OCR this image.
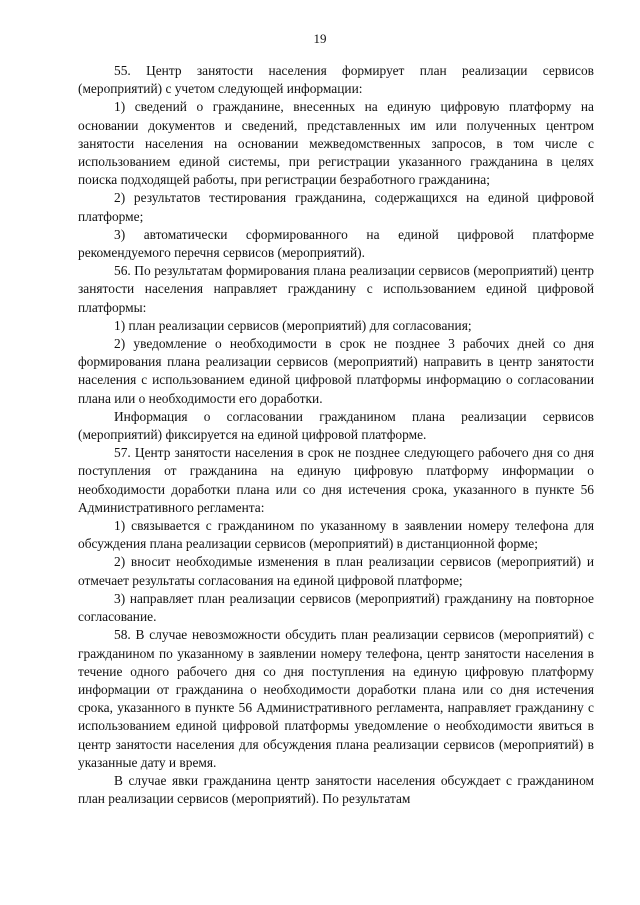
19

55. Центр занятости населения формирует план реализации сервисов (мероприятий) с учетом следующей информации:

1) сведений о гражданине, внесенных на единую цифровую платформу на основании документов и сведений, представленных им или полученных центром занятости населения на основании межведомственных запросов, в том числе с использованием единой системы, при регистрации указанного гражданина в целях поиска подходящей работы, при регистрации безработного гражданина;

2) результатов тестирования гражданина, содержащихся на единой цифровой платформе;

3) автоматически сформированного на единой цифровой платформе рекомендуемого перечня сервисов (мероприятий).

56. По результатам формирования плана реализации сервисов (мероприятий) центр занятости населения направляет гражданину с использованием единой цифровой платформы:

1) план реализации сервисов (мероприятий) для согласования;

2) уведомление о необходимости в срок не позднее 3 рабочих дней со дня формирования плана реализации сервисов (мероприятий) направить в центр занятости населения с использованием единой цифровой платформы информацию о согласовании плана или о необходимости его доработки.

Информация о согласовании гражданином плана реализации сервисов (мероприятий) фиксируется на единой цифровой платформе.

57. Центр занятости населения в срок не позднее следующего рабочего дня со дня поступления от гражданина на единую цифровую платформу информации о необходимости доработки плана или со дня истечения срока, указанного в пункте 56 Административного регламента:

1) связывается с гражданином по указанному в заявлении номеру телефона для обсуждения плана реализации сервисов (мероприятий) в дистанционной форме;

2) вносит необходимые изменения в план реализации сервисов (мероприятий) и отмечает результаты согласования на единой цифровой платформе;

3) направляет план реализации сервисов (мероприятий) гражданину на повторное согласование.

58. В случае невозможности обсудить план реализации сервисов (мероприятий) с гражданином по указанному в заявлении номеру телефона, центр занятости населения в течение одного рабочего дня со дня поступления на единую цифровую платформу информации от гражданина о необходимости доработки плана или со дня истечения срока, указанного в пункте 56 Административного регламента, направляет гражданину с использованием единой цифровой платформы уведомление о необходимости явиться в центр занятости населения для обсуждения плана реализации сервисов (мероприятий) в указанные дату и время.

В случае явки гражданина центр занятости населения обсуждает с гражданином план реализации сервисов (мероприятий). По результатам
